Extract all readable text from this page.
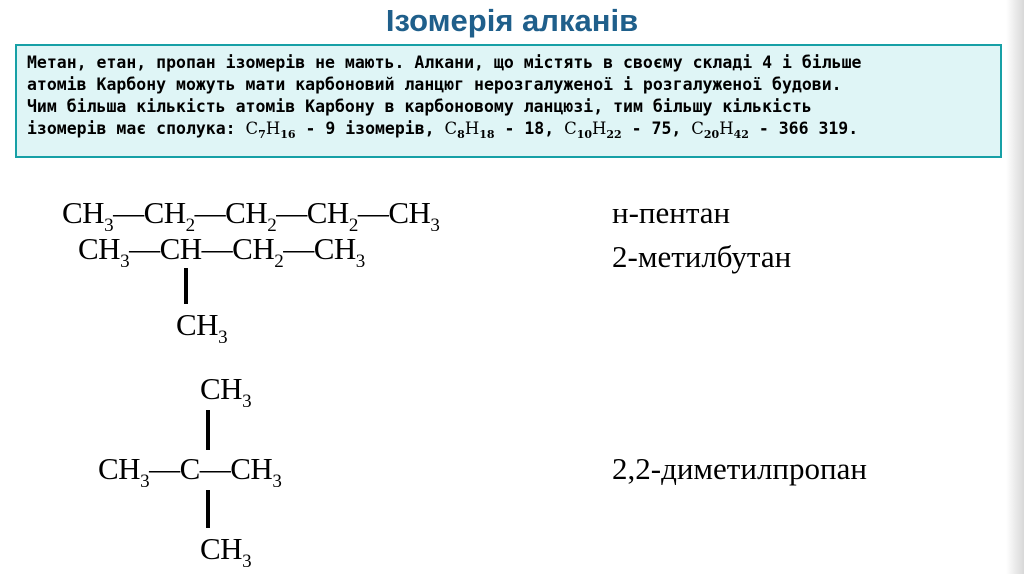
Ізомерія алканів
Метан, етан, пропан ізомерів не мають. Алкани, що містять в своєму складі 4 і більше
атомів Карбону можуть мати карбоновий ланцюг нерозгалуженої і розгалуженої будови.
Чим більша кількість атомів Карбону в карбоновому ланцюзі, тим більшу кількість
ізомерів має сполука: $C_7H_{16} - 9$ ізомерів, $C_8H_{18} - 18$, $C_{10}H_{22} - 75$, $C_{20}H_{42} - 366$ 319.
$CH_3—CH_2—CH_2—CH_2—CH_3$	н-пентан
$CH_3—CH—CH_2—CH_3$
$CH_3$
2-метилбутан
$CH_3$
$CH_3—C—CH_3$
$CH_3$
2,2-диметилпропан
